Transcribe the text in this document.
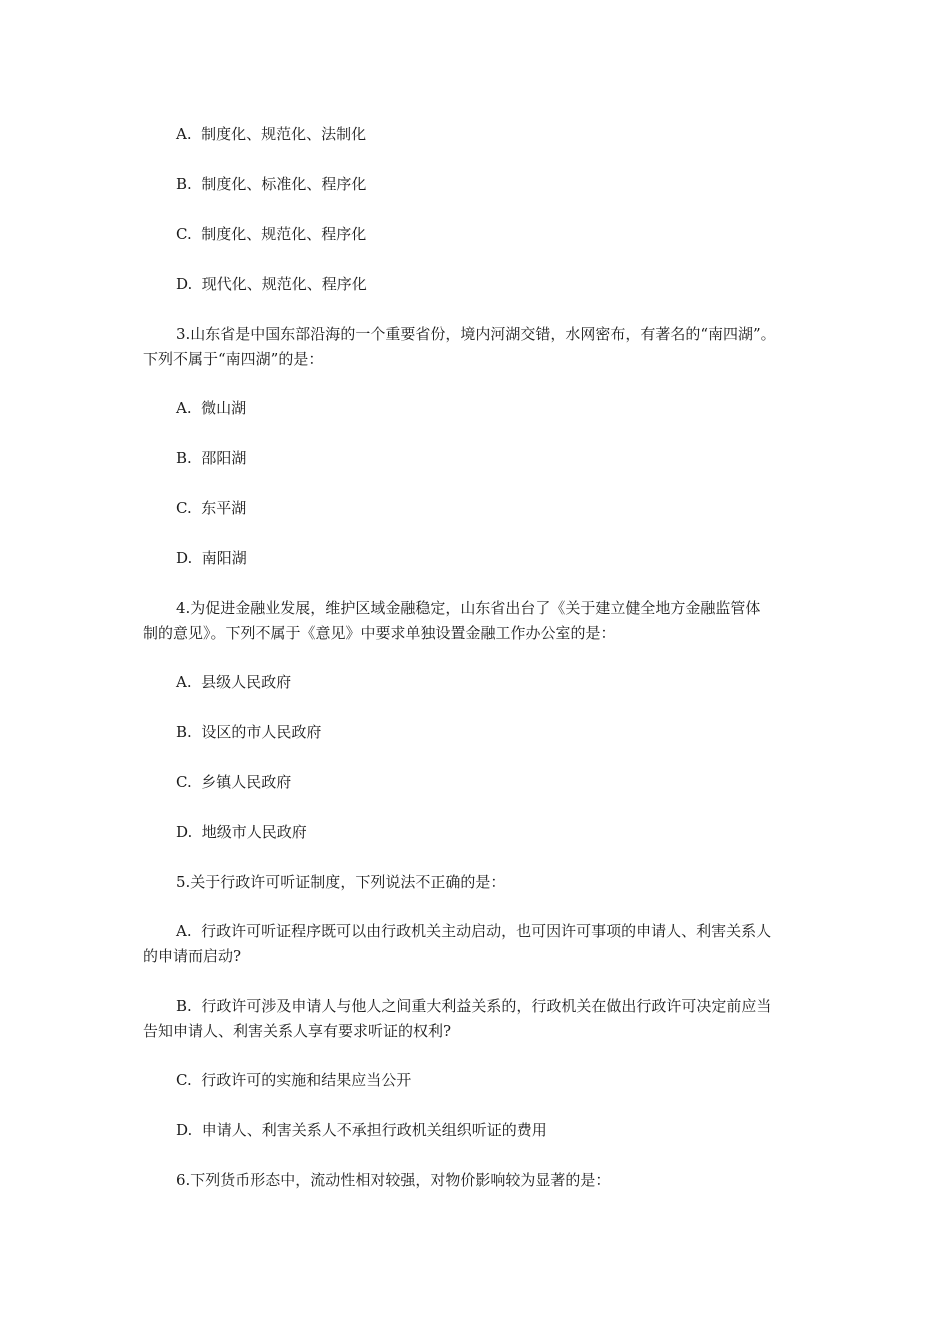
A.  制度化、规范化、法制化
B.  制度化、标准化、程序化
C.  制度化、规范化、程序化
D.  现代化、规范化、程序化
3.山东省是中国东部沿海的一个重要省份，境内河湖交错，水网密布，有著名的“南四湖”。
下列不属于“南四湖”的是：
A.  微山湖
B.  邵阳湖
C.  东平湖
D.  南阳湖
4.为促进金融业发展，维护区域金融稳定，山东省出台了《关于建立健全地方金融监管体
制的意见》。下列不属于《意见》中要求单独设置金融工作办公室的是：
A.  县级人民政府
B.  设区的市人民政府
C.  乡镇人民政府
D.  地级市人民政府
5.关于行政许可听证制度，下列说法不正确的是：
A.  行政许可听证程序既可以由行政机关主动启动，也可因许可事项的申请人、利害关系人
的申请而启动?
B.  行政许可涉及申请人与他人之间重大利益关系的，行政机关在做出行政许可决定前应当
告知申请人、利害关系人享有要求听证的权利?
C.  行政许可的实施和结果应当公开
D.  申请人、利害关系人不承担行政机关组织听证的费用
6.下列货币形态中，流动性相对较强，对物价影响较为显著的是：
